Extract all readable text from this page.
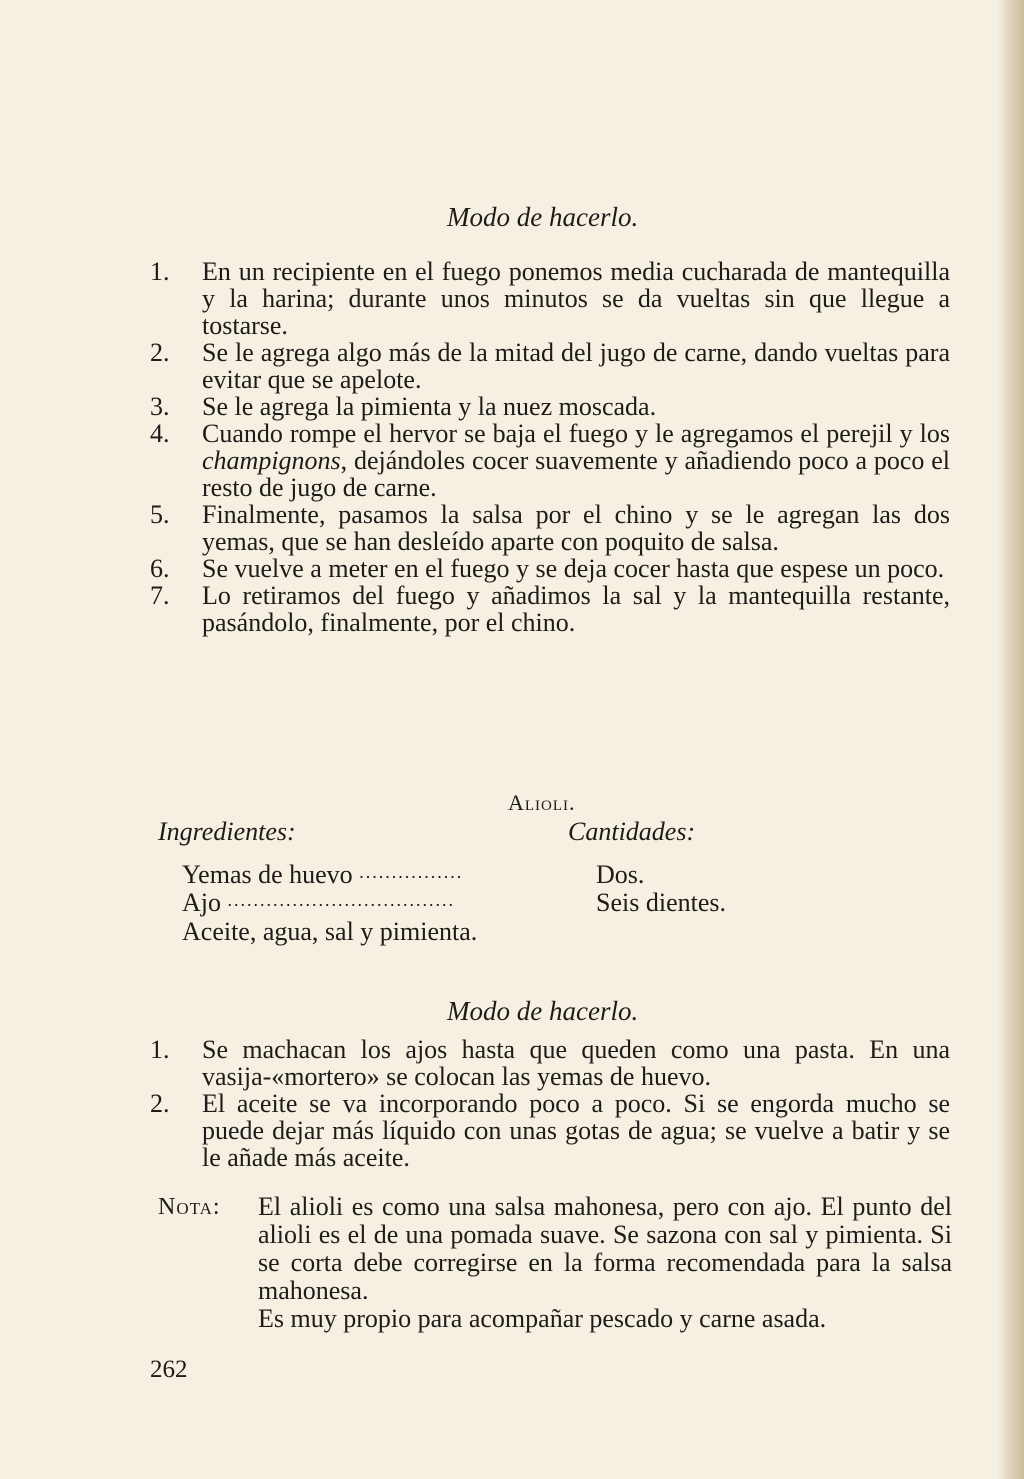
Modo de hacerlo.
1.	En un recipiente en el fuego ponemos media cucharada de mantequilla y la harina; durante unos minutos se da vueltas sin que llegue a tostarse.
2.	Se le agrega algo más de la mitad del jugo de carne, dando vueltas para evitar que se apelote.
3.	Se le agrega la pimienta y la nuez moscada.
4.	Cuando rompe el hervor se baja el fuego y le agregamos el perejil y los champignons, dejándoles cocer suavemente y añadiendo poco a poco el resto de jugo de carne.
5.	Finalmente, pasamos la salsa por el chino y se le agregan las dos yemas, que se han desleído aparte con poquito de salsa.
6.	Se vuelve a meter en el fuego y se deja cocer hasta que espese un poco.
7.	Lo retiramos del fuego y añadimos la sal y la mantequilla restante, pasándolo, finalmente, por el chino.
Alioli.
Ingredientes:	Cantidades:
Yemas de huevo ................	Dos.
Ajo ...................................	Seis dientes.
Aceite, agua, sal y pimienta.
Modo de hacerlo.
1.	Se machacan los ajos hasta que queden como una pasta. En una vasija-«mortero» se colocan las yemas de huevo.
2.	El aceite se va incorporando poco a poco. Si se engorda mucho se puede dejar más líquido con unas gotas de agua; se vuelve a batir y se le añade más aceite.
Nota:	El alioli es como una salsa mahonesa, pero con ajo. El punto del alioli es el de una pomada suave. Se sazona con sal y pimienta. Si se corta debe corregirse en la forma recomendada para la salsa mahonesa.
Es muy propio para acompañar pescado y carne asada.
262
